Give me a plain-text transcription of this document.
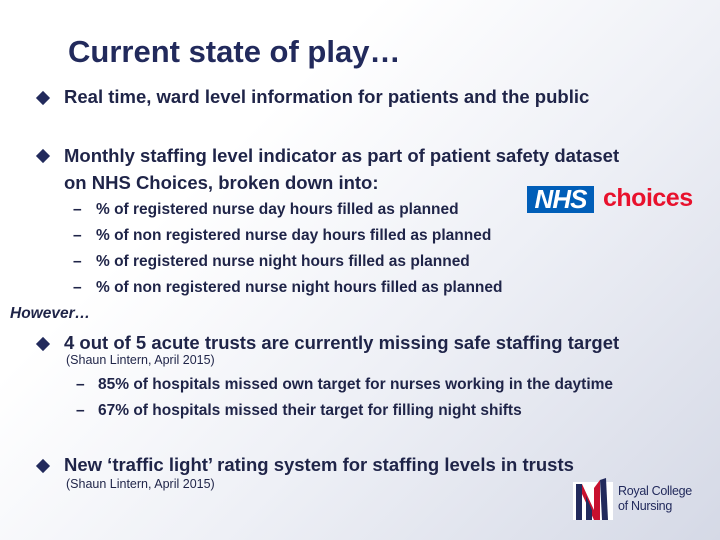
Current state of play…
Real time, ward level information for patients and the public
Monthly staffing level indicator as part of patient safety dataset
on NHS Choices, broken down into:
– % of registered nurse day hours filled as planned
– % of non registered nurse day hours filled as planned
– % of registered nurse night hours filled as planned
– % of non registered nurse night hours filled as planned
NHS choices
However…
4 out of 5 acute trusts are currently missing safe staffing target
(Shaun Lintern, April 2015)
– 85% of hospitals missed own target for nurses working in the daytime
– 67% of hospitals missed their target for filling night shifts
New ‘traffic light’ rating system for staffing levels in trusts
(Shaun Lintern, April 2015)	Royal College
of Nursing
